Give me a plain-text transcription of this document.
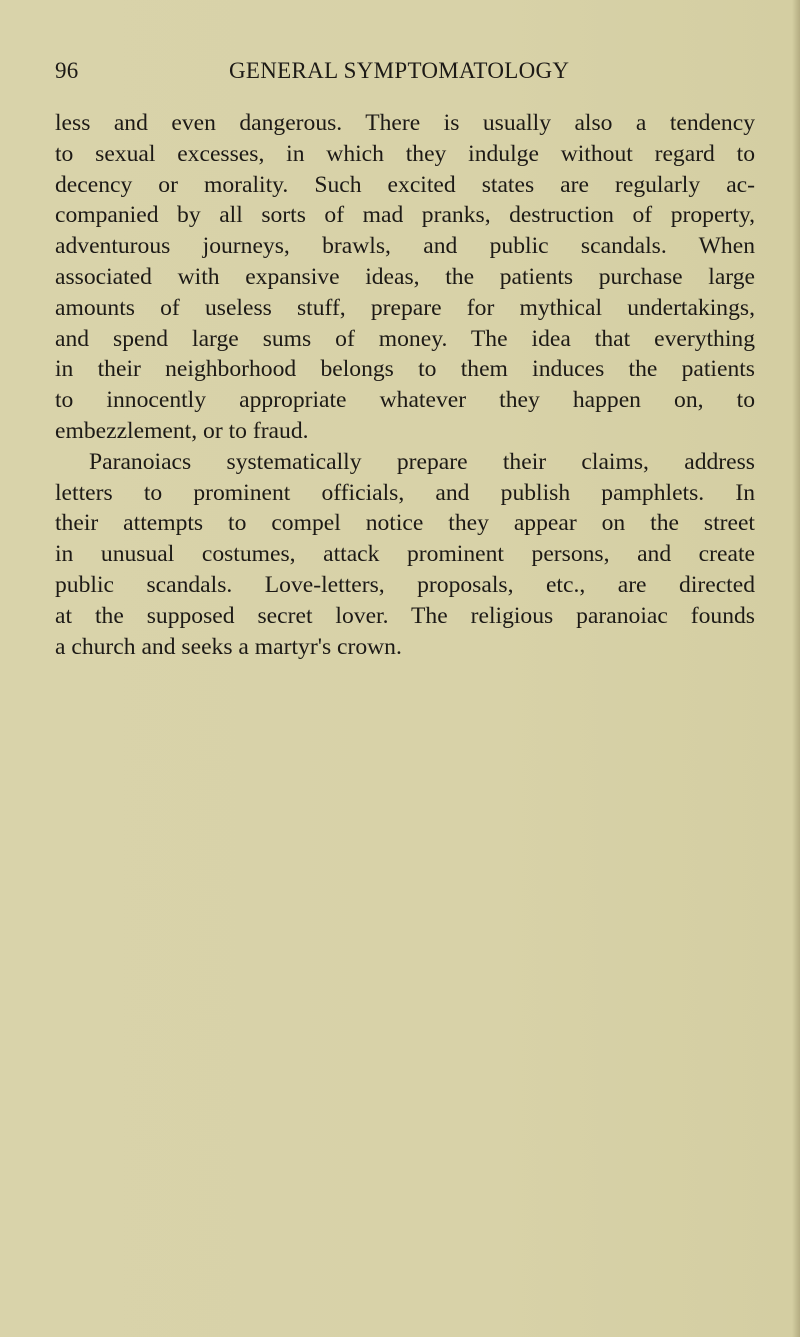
96	GENERAL SYMPTOMATOLOGY
less and even dangerous. There is usually also a tendency
to sexual excesses, in which they indulge without regard to
decency or morality. Such excited states are regularly ac-
companied by all sorts of mad pranks, destruction of property,
adventurous journeys, brawls, and public scandals. When
associated with expansive ideas, the patients purchase large
amounts of useless stuff, prepare for mythical undertakings,
and spend large sums of money. The idea that everything
in their neighborhood belongs to them induces the patients
to innocently appropriate whatever they happen on, to
embezzlement, or to fraud.
Paranoiacs systematically prepare their claims, address
letters to prominent officials, and publish pamphlets. In
their attempts to compel notice they appear on the street
in unusual costumes, attack prominent persons, and create
public scandals. Love-letters, proposals, etc., are directed
at the supposed secret lover. The religious paranoiac founds
a church and seeks a martyr's crown.
